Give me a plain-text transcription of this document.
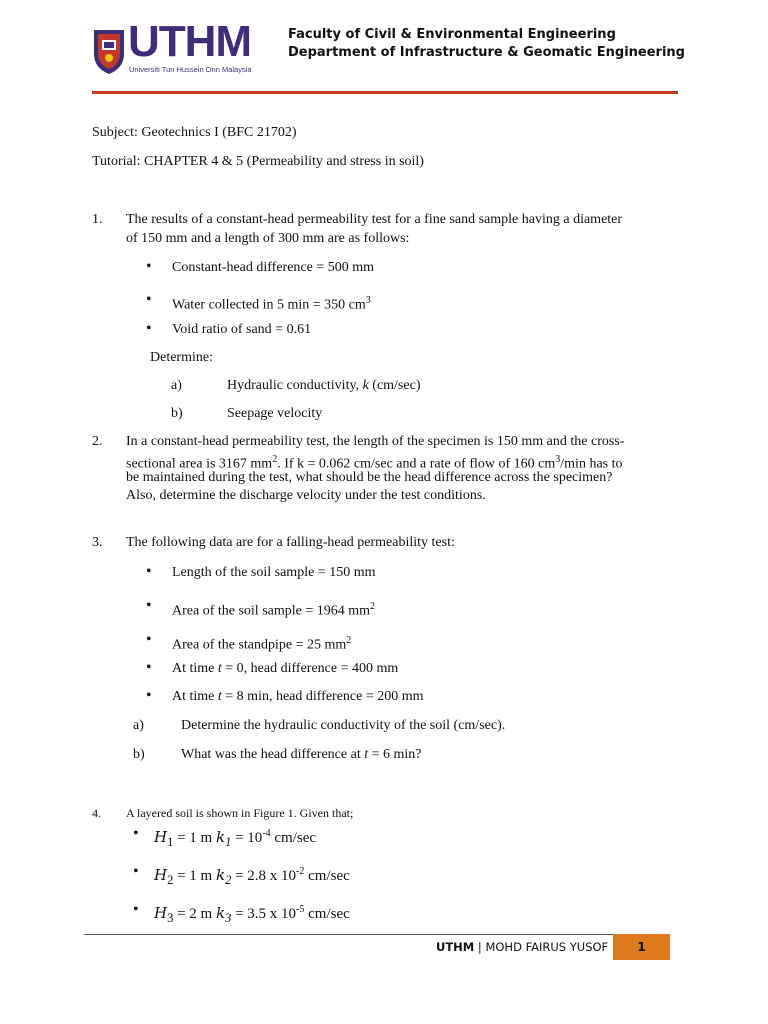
UTHM
Universiti Tun Hussein Onn Malaysia
Faculty of Civil & Environmental Engineering
Department of Infrastructure & Geomatic Engineering
Subject: Geotechnics I (BFC 21702)
Tutorial: CHAPTER 4 & 5 (Permeability and stress in soil)
1. The results of a constant-head permeability test for a fine sand sample having a diameter
of 150 mm and a length of 300 mm are as follows:
• Constant-head difference = 500 mm
• Water collected in 5 min = 350 $cm^3$
• Void ratio of sand = 0.61
Determine:
a)	Hydraulic conductivity, k (cm/sec)
b)	Seepage velocity
2. In a constant-head permeability test, the length of the specimen is 150 mm and the cross-
sectional area is 3167 $mm^2$. If k = 0.062 cm/sec and a rate of flow of 160 $cm^3/\min$ has to
be maintained during the test, what should be the head difference across the specimen?
Also, determine the discharge velocity under the test conditions.
3. The following data are for a falling-head permeability test:
• Length of the soil sample = 150 mm
• Area of the soil sample = 1964 $mm^2$
• Area of the standpipe = 25 $mm^2$
• At time t = 0, head difference = 400 mm
• At time t = 8 min, head difference = 200 mm
a)	Determine the hydraulic conductivity of the soil (cm/sec).
b)	What was the head difference at t = 6 min?
4. A layered soil is shown in Figure 1. Given that;
• $H_1 = 1$ m $k_1 = 10^{-4}$ cm/sec
• $H_2 = 1$ m $k_2 = 2.8$ x $10^{-2}$ cm/sec
• $H_3 = 2$ m $k_3 = 3.5$ x $10^{-5}$ cm/sec
UTHM | MOHD FAIRUS YUSOF	1
